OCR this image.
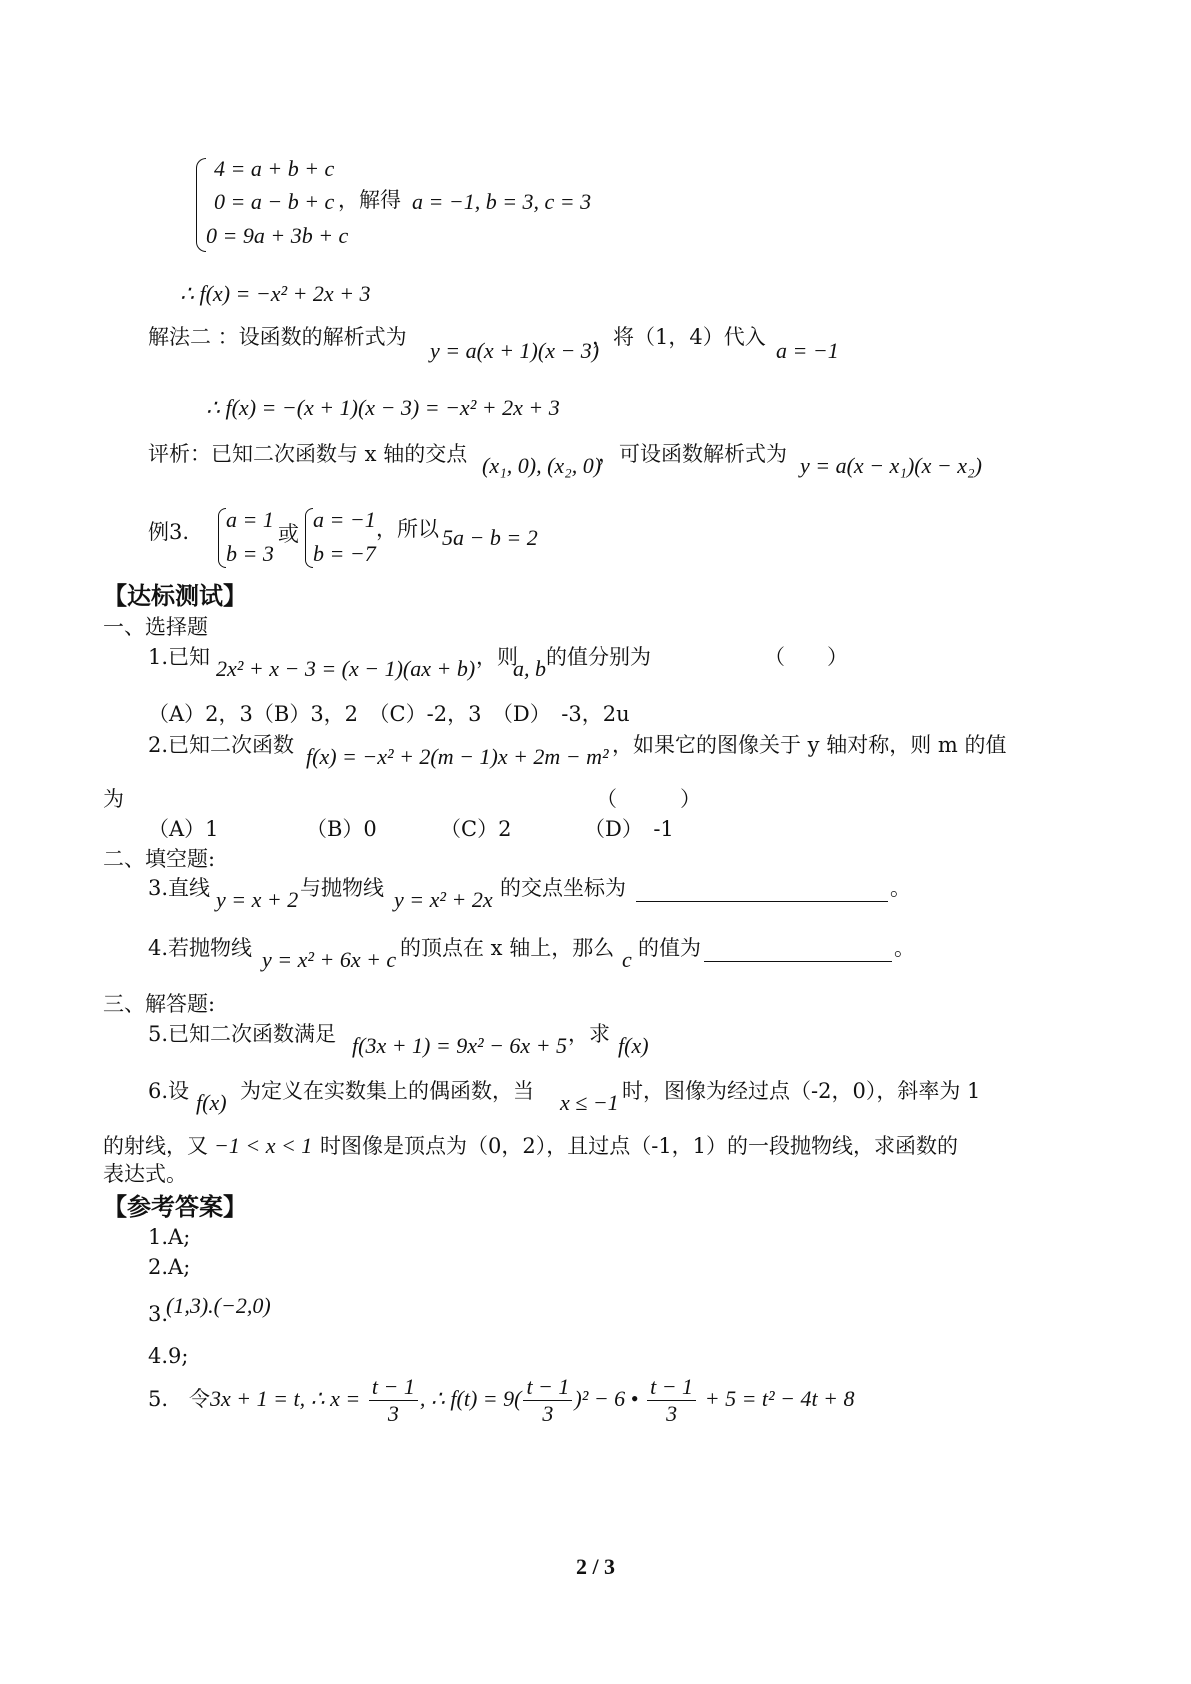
4 = a + b + c
0 = a − b + c
0 = 9a + 3b + c
，解得 a = −1, b = 3, c = 3
∴ f(x) = −x² + 2x + 3
解法二 ：设函数的解析式为
y = a(x + 1)(x − 3)
，将（1，4）代入
a = −1
∴ f(x) = −(x + 1)(x − 3) = −x² + 2x + 3
评析：已知二次函数与 x 轴的交点 (x₁, 0), (x₂, 0)
，可设函数解析式为 y = a(x − x₁)(x − x₂)
例3. a = 1
b = 3
或
a = −1
b = −7
，所以 5a − b = 2
【达标测试】
一、选择题
1.已知 2x² + x − 3 = (x − 1)(ax + b) ，则
a, b 的值分别为	（　　）
（A）2，3（B）3，2　（C）-2，3　（D）　-3，2u
2.已知二次函数 f(x) = −x² + 2(m − 1)x + 2m − m² ，如果它的图像关于 y 轴对称，则 m 的值
为	（　　　）
（A）1	（B）0	（C）2	（D）　-1
二、填空题:
3.直线 y = x + 2 与抛物线 y = x² + 2x 的交点坐标为	。
4.若抛物线 y = x² + 6x + c 的顶点在 x 轴上，那么 c 的值为	。
三、解答题:
5.已知二次函数满足 f(3x + 1) = 9x² − 6x + 5 ，求 f(x)
6.设 f(x) 为定义在实数集上的偶函数，当 x ≤ −1 时，图像为经过点（-2，0），斜率为 1
的射线，又 −1 < x < 1 时图像是顶点为（0，2），且过点（-1，1）的一段抛物线，求函数的
表达式。
【参考答案】
1.A;
2.A;
3.
(1,3).(−2,0)
4.9;
5.　令3x + 1 = t, ∴ $x = \frac{t - 1}{3}$ , ∴ $f(t) = 9( \frac{t - 1}{3} )^2 - 6$ • $\frac{t - 1}{3} + 5 = t^2 - 4t + 8$
2 / 3
